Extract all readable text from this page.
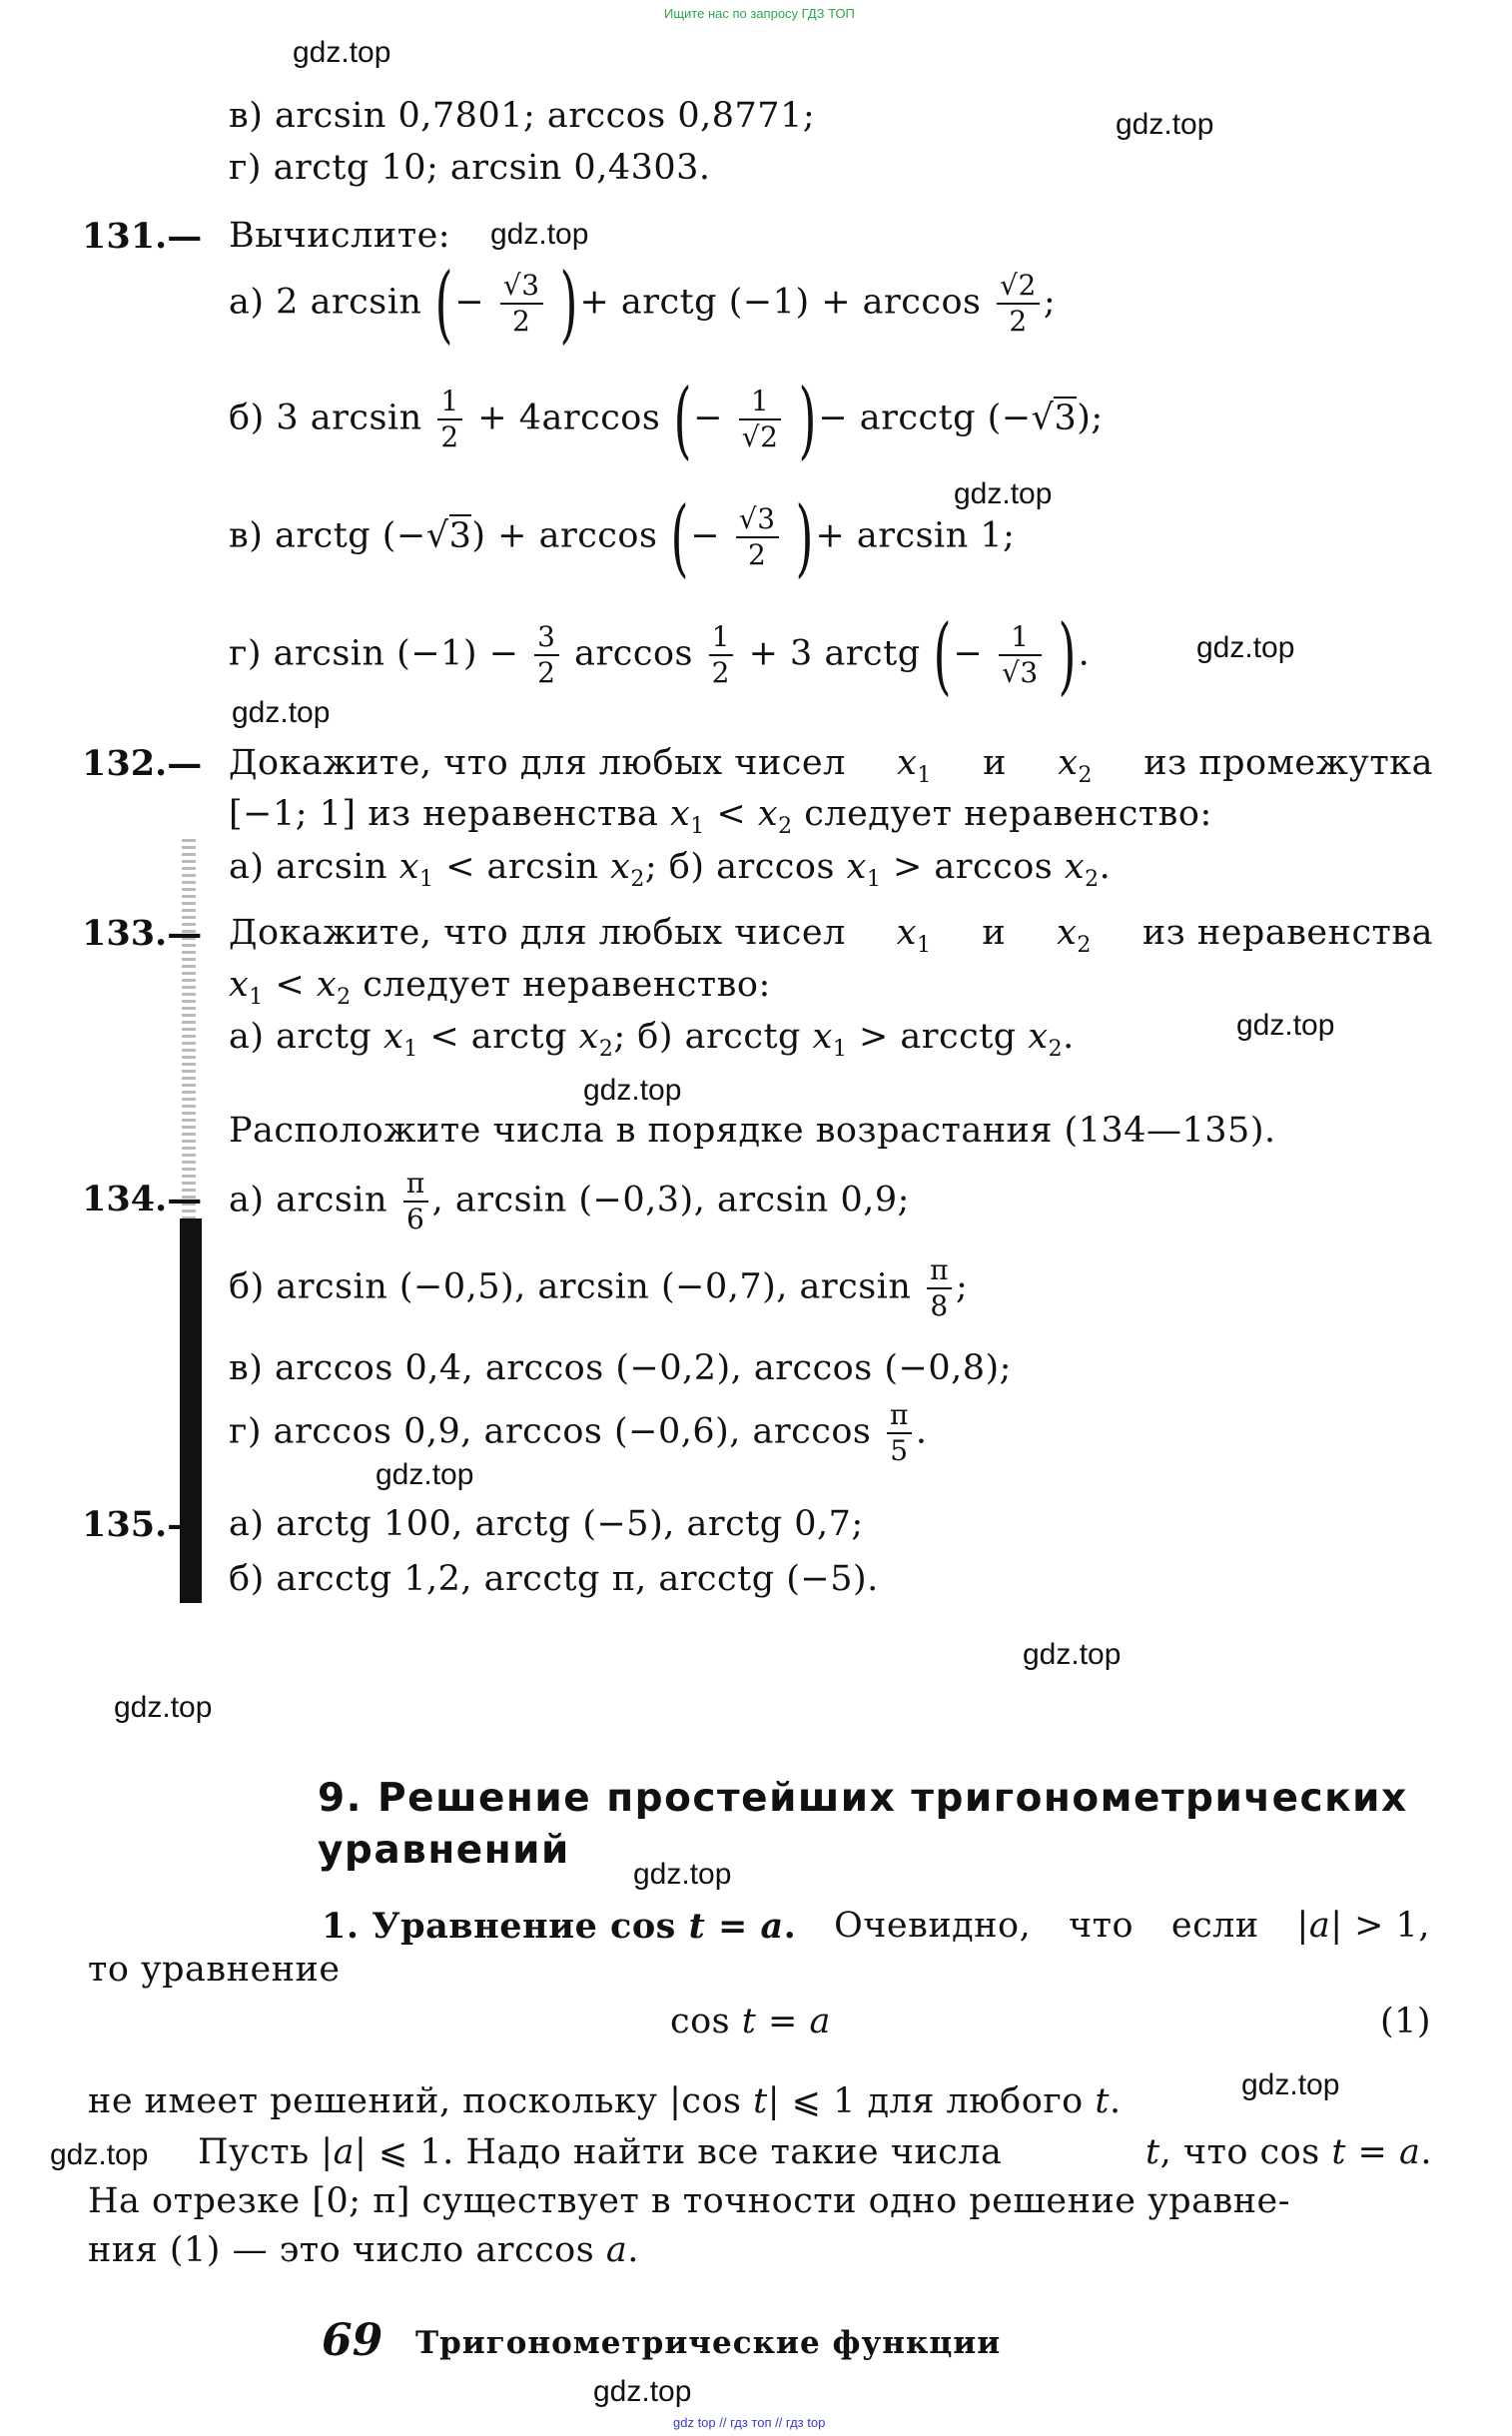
Ищите нас по запросу ГДЗ ТОП
gdz.top
gdz.top
gdz.top
gdz.top
gdz.top
gdz.top
gdz.top
gdz.top
gdz.top
gdz.top
gdz.top
gdz.top
gdz.top
gdz.top
gdz.top
в) arcsin 0,7801; arccos 0,8771;
г) arctg 10; arcsin 0,4303.
131.— Вычислите:
а) 2 arcsin (− $\frac{√3}{2}$ )+ arctg $(-1) + \arccos \frac{√2}{2}$ ;
б) 3 $\arcsin \frac{1}{2} + 4\arccos$ (− $\frac{1}{√2}$ )− arcctg (−√3);
в) arctg (−√3) + arccos (− $\frac{√3}{2}$ )+ arcsin 1;
г) $\arcsin (-1) - \frac{3}{2}$ $\arccos \frac{1}{2} + 3$ arctg (− $\frac{1}{√3}$ ).
132.— Докажите, что для любых чисел $x_1$ и $x_2$ из промежутка
[−1; 1] из неравенства $x_1 < x_2$ следует неравенство:
а) $\arcsin x_1 < \arcsin x_2$; б) $\arccos x_1 > \arccos x_2$.
133.— Докажите, что для любых чисел $x_1$ и $x_2$ из неравенства
$x_1 < x_2$ следует неравенство:
а) arctg $x_1$ < arctg $x_2$; б) arcctg $x_1$ > arcctg $x_2$.
Расположите числа в порядке возрастания (134—135).
134.— а) $\arcsin \frac{\pi}{6}$ , arcsin (−0,3), arcsin 0,9;
б) arcsin (−0,5), arcsin (−0,7), $\arcsin \frac{\pi}{8}$ ;
в) arccos 0,4, arccos (−0,2), arccos (−0,8);
г) arccos 0,9, arccos (−0,6), $\arccos \frac{\pi}{5}$ .
135.— а) arctg 100, arctg (−5), arctg 0,7;
б) arcctg 1,2, arcctg π, arcctg (−5).
9. Решение простейших тригонометрических
уравнений
1. Уравнение cos t = a. Очевидно, что если |a| > 1,
то уравнение
cos t = a	(1)
не имеет решений, поскольку |cos t| ⩽ 1 для любого t.
Пусть |a| ⩽ 1. Надо найти все такие числа	t, что cos t = a.
На отрезке [0; π] существует в точности одно решение уравне-
ния (1) — это число arccos a.
69 Тригонометрические функции
gdz top // гдз топ // гдз top
